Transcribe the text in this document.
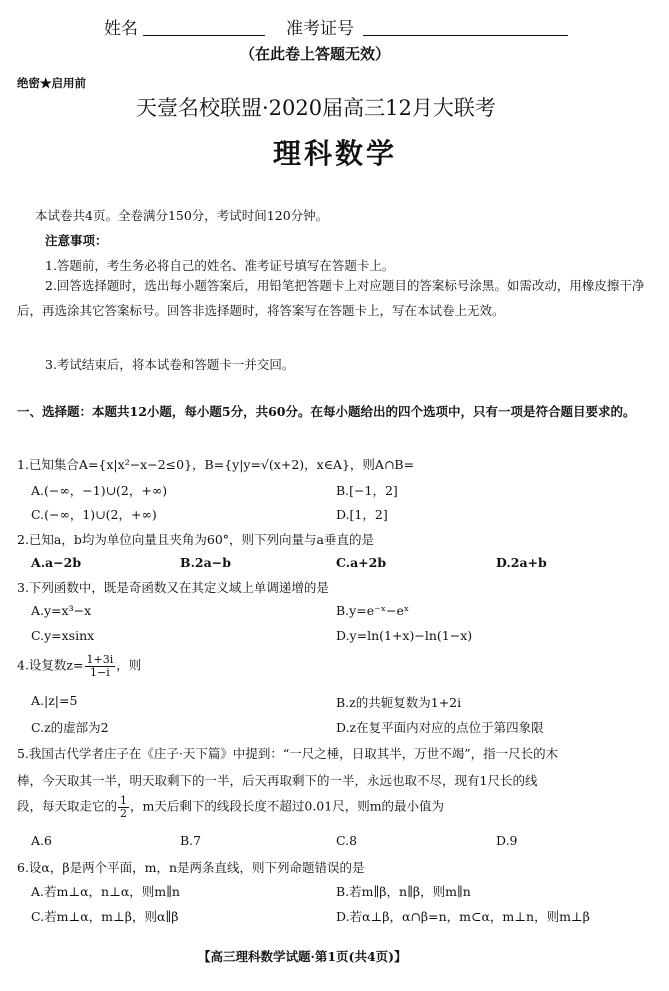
姓名	准考证号
（在此卷上答题无效）
绝密★启用前
天壹名校联盟·2020届高三12月大联考
理科数学
本试卷共4页。全卷满分150分，考试时间120分钟。
注意事项：
1.答题前，考生务必将自己的姓名、准考证号填写在答题卡上。
2.回答选择题时，选出每小题答案后，用铅笔把答题卡上对应题目的答案标号涂黑。如需改动，用橡皮擦干净后，再选涂其它答案标号。回答非选择题时，将答案写在答题卡上，写在本试卷上无效。
3.考试结束后，将本试卷和答题卡一并交回。
一、选择题：本题共12小题，每小题5分，共60分。在每小题给出的四个选项中，只有一项是符合题目要求的。
1.已知集合A={x|x²−x−2≤0}，B={y|y=√(x+2)，x∈A}，则A∩B=
A.(−∞，−1)∪(2，+∞)	B.[−1，2]
C.(−∞，1)∪(2，+∞)	D.[1，2]
2.已知a，b均为单位向量且夹角为60°，则下列向量与a垂直的是
A.a−2b	B.2a−b	C.a+2b	D.2a+b
3.下列函数中，既是奇函数又在其定义域上单调递增的是
A.y=x³−x	B.y=e⁻ˣ−eˣ
C.y=xsinx	D.y=ln(1+x)−ln(1−x)
4.设复数$z= \frac{1+3i}{1-i}$ ，则
A.|z|=5	B.z的共轭复数为1+2i
C.z的虚部为2	D.z在复平面内对应的点位于第四象限
5.我国古代学者庄子在《庄子·天下篇》中提到：“一尺之棰，日取其半，万世不竭”，指一尺长的木
棒，今天取其一半，明天取剩下的一半，后天再取剩下的一半，永远也取不尽，现有1尺长的线
段，每天取走它的 $\frac{1}{2}$ ，m天后剩下的线段长度不超过0.01尺，则m的最小值为
A.6	B.7	C.8	D.9
6.设α，β是两个平面，m，n是两条直线，则下列命题错误的是
A.若m⊥α，n⊥α，则m∥n	B.若m∥β，n∥β，则m∥n
C.若m⊥α，m⊥β，则α∥β	D.若α⊥β，α∩β=n，m⊂α，m⊥n，则m⊥β
【高三理科数学试题·第1页(共4页)】
